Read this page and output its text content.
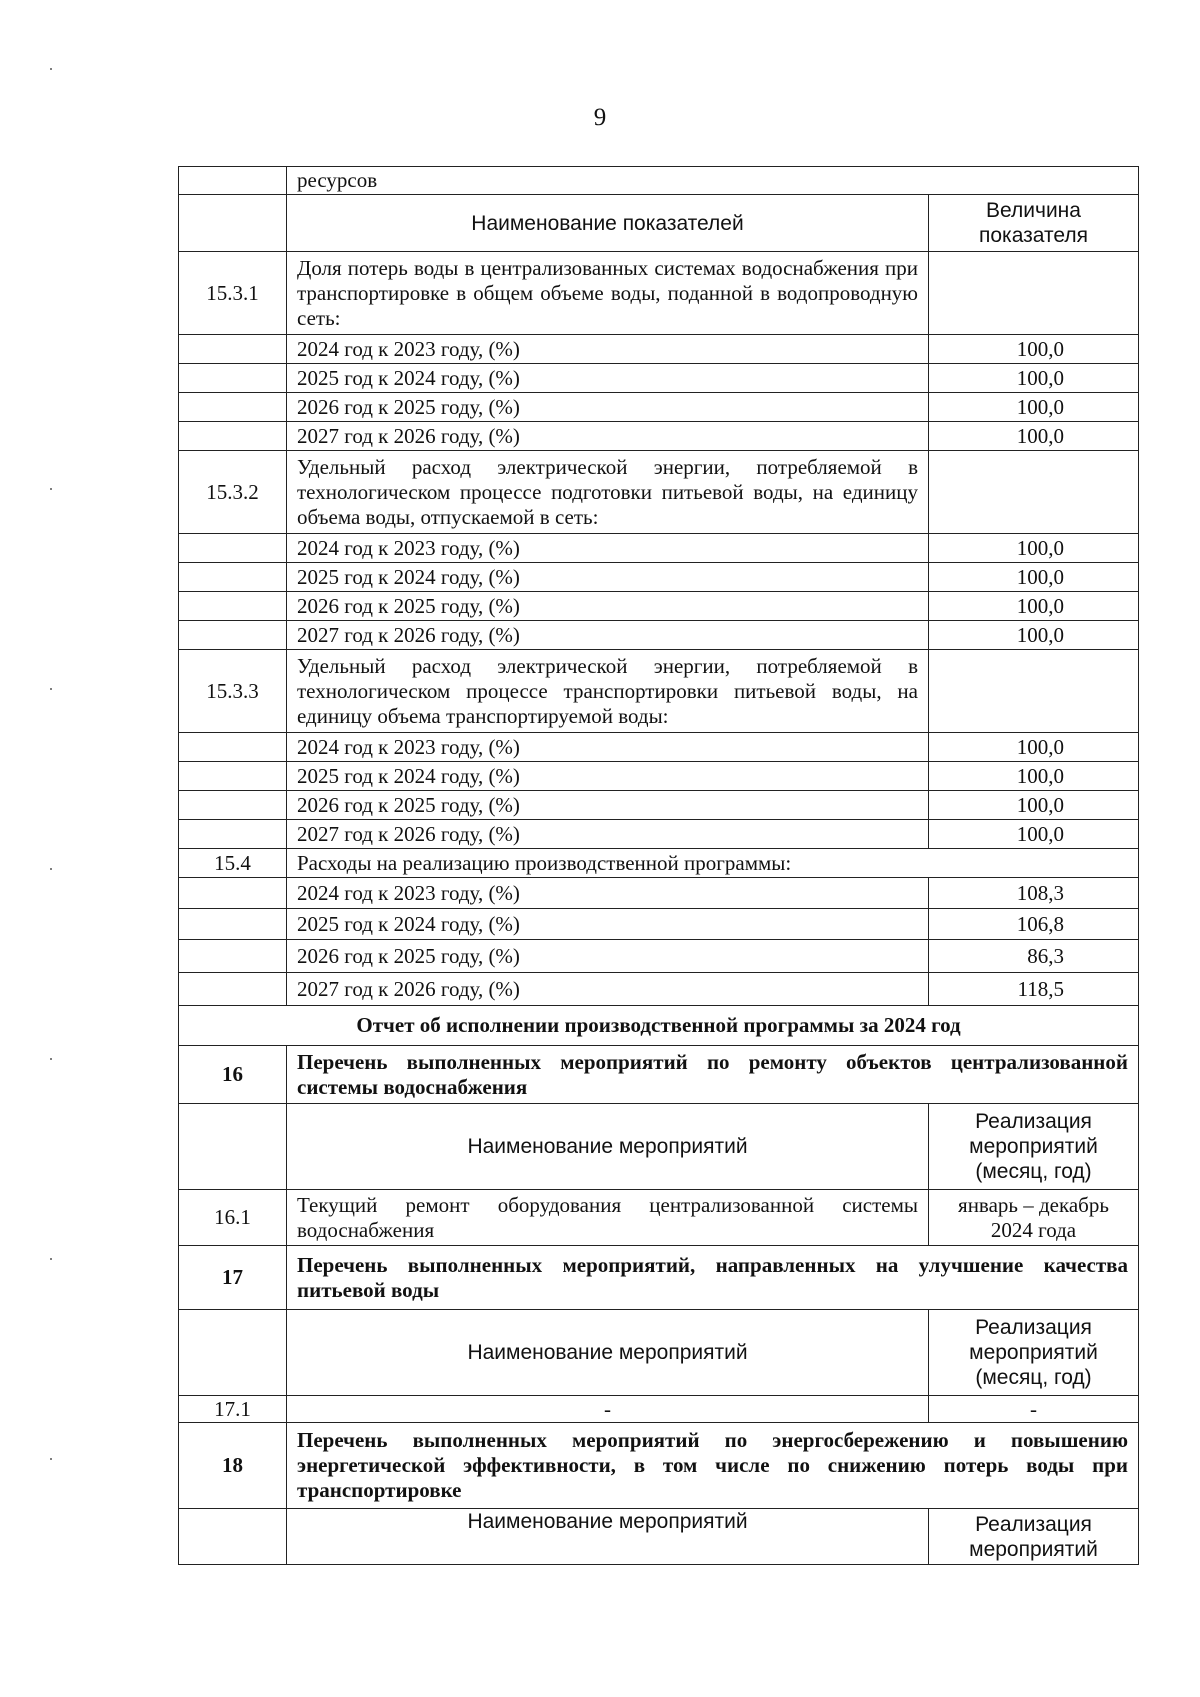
9
	ресурсов	
	Наименование показателей	Величина показателя
15.3.1	Доля потерь воды в централизованных системах водоснабжения при транспортировке в общем объеме воды, поданной в водопроводную сеть:	
	2024 год к 2023 году, (%)	100,0
	2025 год к 2024 году, (%)	100,0
	2026 год к 2025 году, (%)	100,0
	2027 год к 2026 году, (%)	100,0
15.3.2	Удельный расход электрической энергии, потребляемой в технологическом процессе подготовки питьевой воды, на единицу объема воды, отпускаемой в сеть:	
	2024 год к 2023 году, (%)	100,0
	2025 год к 2024 году, (%)	100,0
	2026 год к 2025 году, (%)	100,0
	2027 год к 2026 году, (%)	100,0
15.3.3	Удельный расход электрической энергии, потребляемой в технологическом процессе транспортировки питьевой воды, на единицу объема транспортируемой воды:	
	2024 год к 2023 году, (%)	100,0
	2025 год к 2024 году, (%)	100,0
	2026 год к 2025 году, (%)	100,0
	2027 год к 2026 году, (%)	100,0
15.4	Расходы на реализацию производственной программы:	
	2024 год к 2023 году, (%)	108,3
	2025 год к 2024 году, (%)	106,8
	2026 год к 2025 году, (%)	86,3
	2027 год к 2026 году, (%)	118,5
Отчет об исполнении производственной программы за 2024 год		
16	Перечень выполненных мероприятий по ремонту объектов централизованной системы водоснабжения	
	Наименование мероприятий	Реализация мероприятий (месяц, год)
16.1	Текущий ремонт оборудования централизованной системы водоснабжения	январь – декабрь 2024 года
17	Перечень выполненных мероприятий, направленных на улучшение качества питьевой воды	
	Наименование мероприятий	Реализация мероприятий (месяц, год)
17.1	-	-
18	Перечень выполненных мероприятий по энергосбережению и повышению энергетической эффективности, в том числе по снижению потерь воды при транспортировке	
	Наименование мероприятий	Реализация мероприятий
